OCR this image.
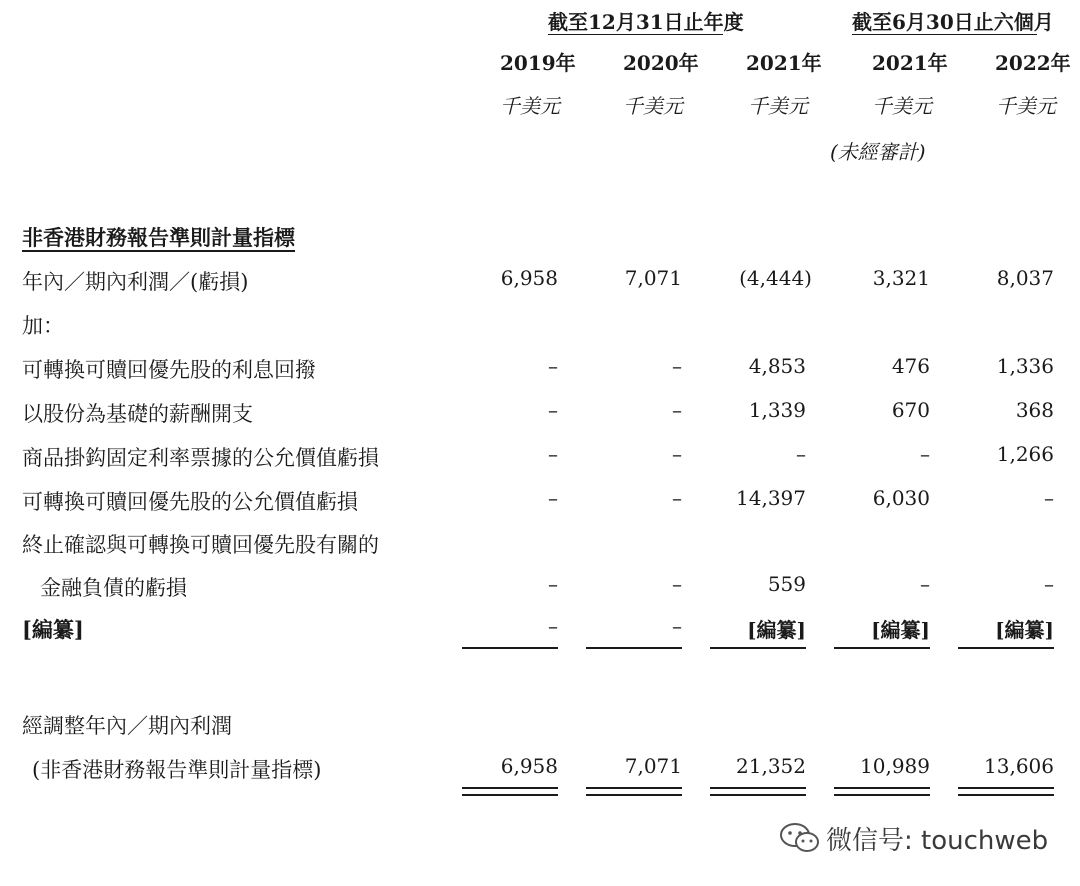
截至12月31日止年度	截至6月30日止六個月
2019年 2020年 2021年	2021年 2022年
千美元	千美元	千美元	千美元	千美元
(未經審計)
非香港財務報告準則計量指標
年內／期內利潤／(虧損)	6,958	7,071	(4,444)	3,321	8,037
加：
可轉換可贖回優先股的利息回撥	–	–	4,853	476	1,336
以股份為基礎的薪酬開支	–	–	1,339	670	368
商品掛鈎固定利率票據的公允價值虧損	–	–	–	–	1,266
可轉換可贖回優先股的公允價值虧損	–	–	14,397	6,030	–
終止確認與可轉換可贖回優先股有關的
金融負債的虧損	–	–	559	–	–
[編纂]	–	–	[編纂]	[編纂]	[編纂]
經調整年內／期內利潤
(非香港財務報告準則計量指標)	6,958	7,071	21,352	10,989	13,606
微信号: touchweb
